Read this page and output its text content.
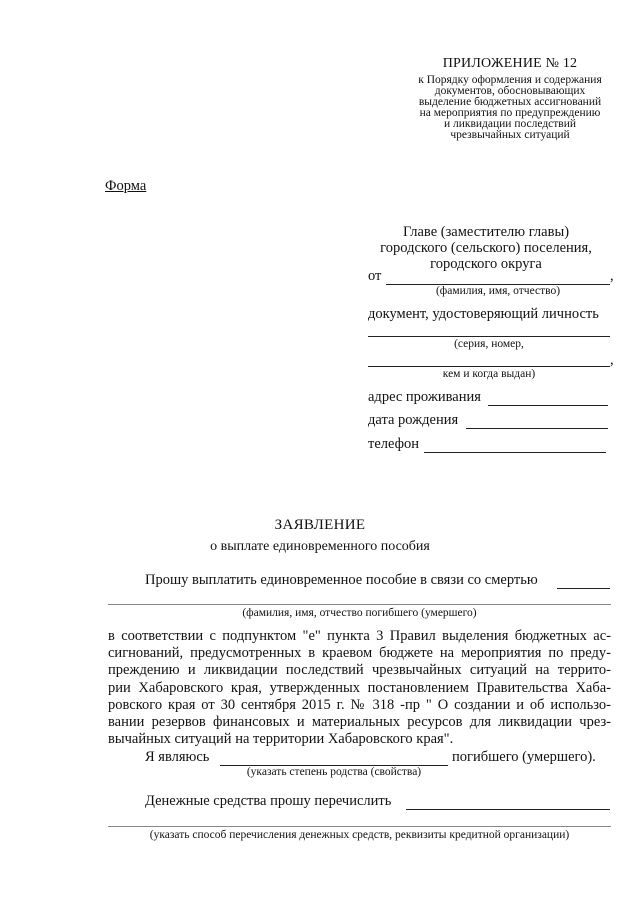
ПРИЛОЖЕНИЕ № 12
к Порядку оформления и содержания
документов, обосновывающих
выделение бюджетных ассигнований
на мероприятия по предупреждению
и ликвидации последствий
чрезвычайных ситуаций
Форма
Главе (заместителю главы)
городского (сельского) поселения,
городского округа
от	,
(фамилия, имя, отчество)
документ, удостоверяющий личность
(серия, номер,
,
кем и когда выдан)
адрес проживания
дата рождения
телефон
ЗАЯВЛЕНИЕ
о выплате единовременного пособия
Прошу выплатить единовременное пособие в связи со смертью
(фамилия, имя, отчество погибшего (умершего)
в соответствии с подпунктом "е" пункта 3 Правил выделения бюджетных ас-
сигнований, предусмотренных в краевом бюджете на мероприятия по преду-
преждению и ликвидации последствий чрезвычайных ситуаций на террито-
рии Хабаровского края, утвержденных постановлением Правительства Хаба-
ровского края от 30 сентября 2015 г. № 318 -пр " О создании и об использо-
вании резервов финансовых и материальных ресурсов для ликвидации чрез-
вычайных ситуаций на территории Хабаровского края".
Я являюсь	погибшего (умершего).
(указать степень родства (свойства)
Денежные средства прошу перечислить
(указать способ перечисления денежных средств, реквизиты кредитной организации)
